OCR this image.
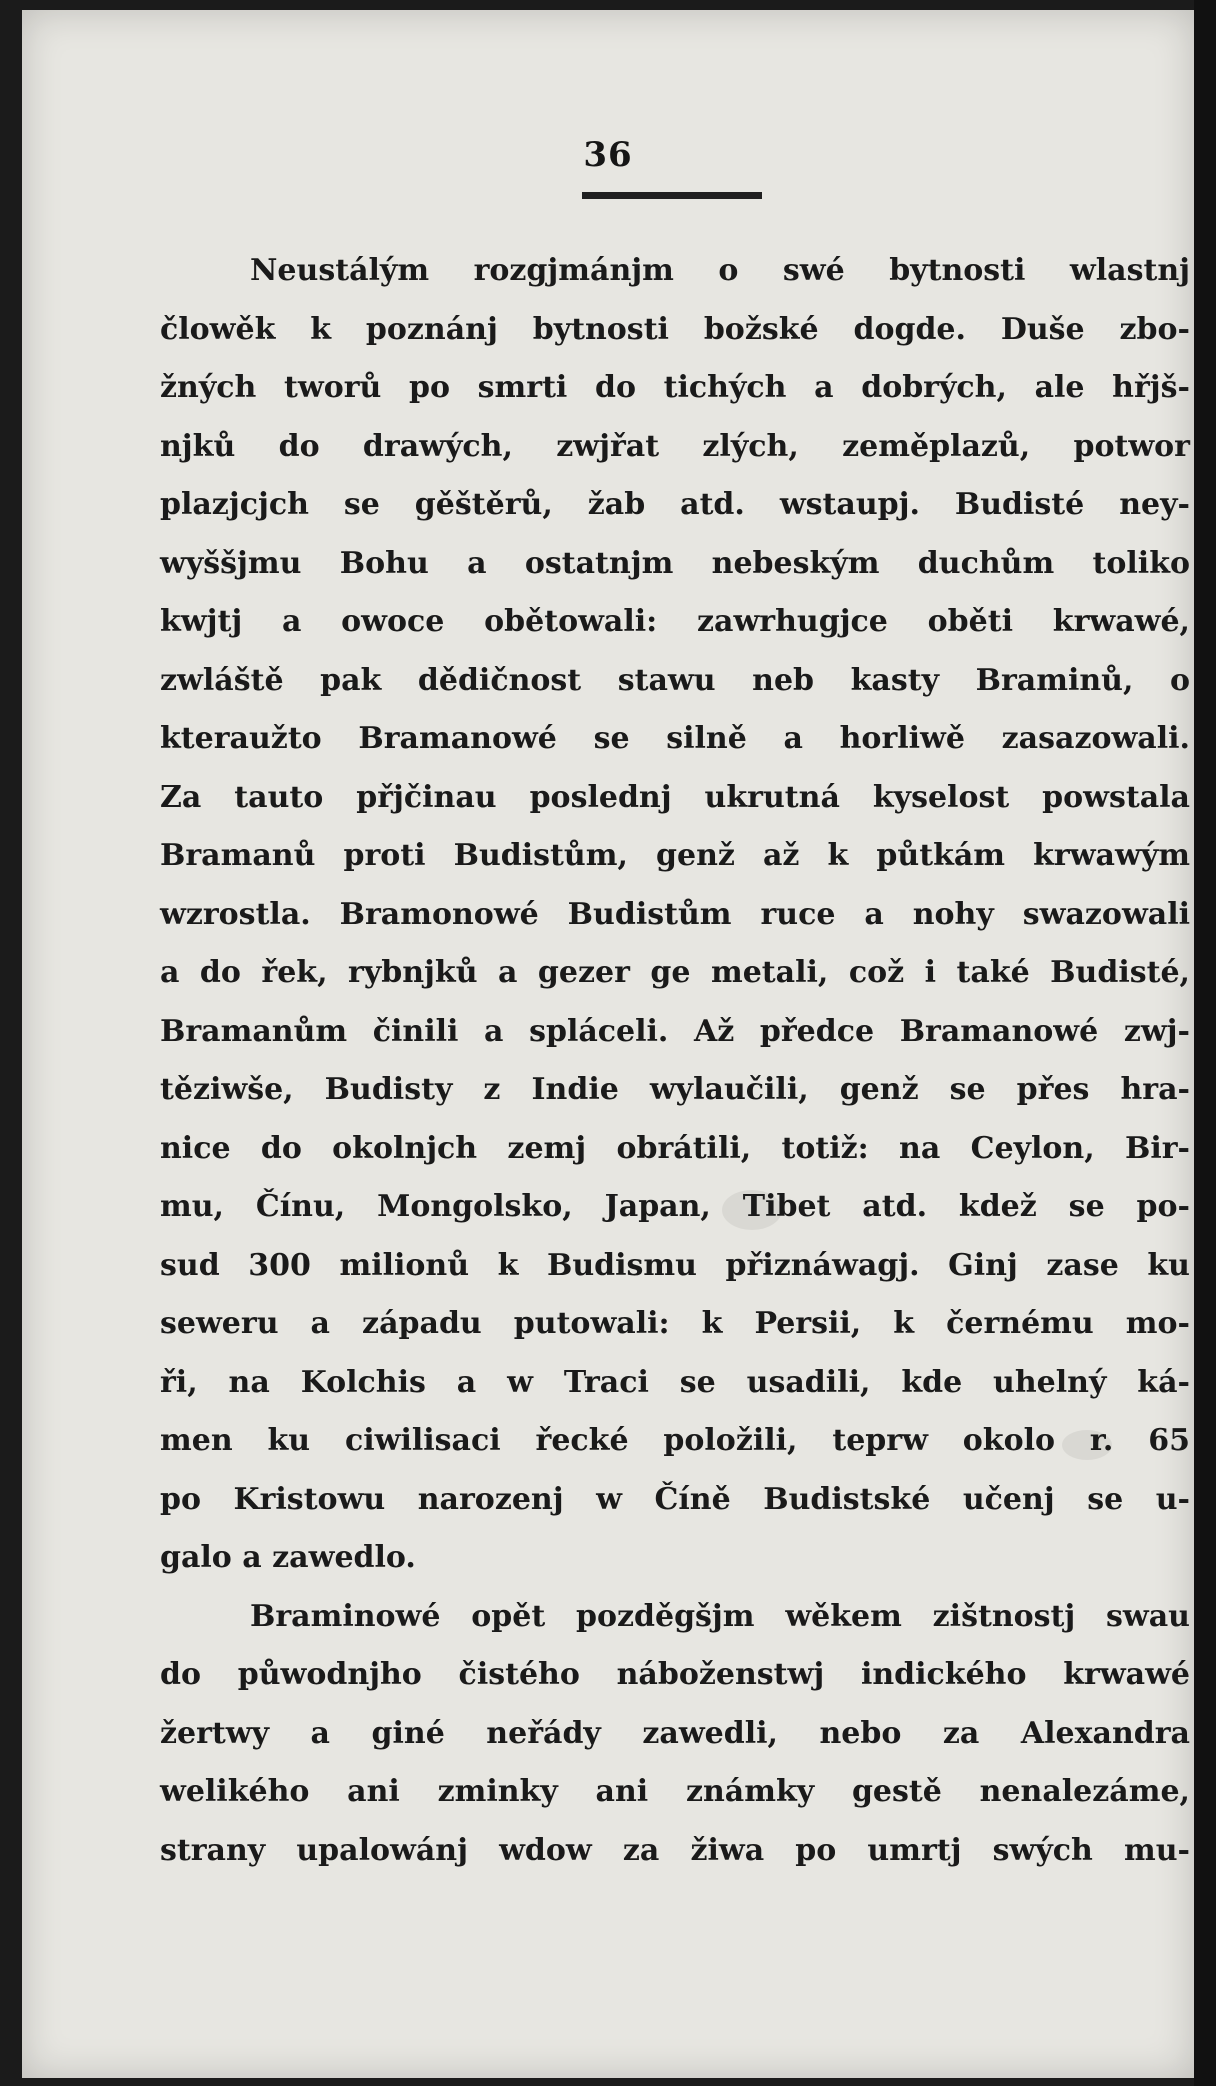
36
Neustálým rozgjmánjm o swé bytnosti wlastnj
člowěk k poznánj bytnosti božské dogde. Duše zbo-
žných tworů po smrti do tichých a dobrých, ale hřjš-
njků do drawých, zwjřat zlých, zeměplazů, potwor
plazjcjch se gěštěrů, žab atd. wstaupj. Budisté ney-
wyššjmu Bohu a ostatnjm nebeským duchům toliko
kwjtj a owoce obětowali: zawrhugjce oběti krwawé,
zwláště pak dědičnost stawu neb kasty Braminů, o
kteraužto Bramanowé se silně a horliwě zasazowali.
Za tauto přjčinau poslednj ukrutná kyselost powstala
Bramanů proti Budistům, genž až k půtkám krwawým
wzrostla. Bramonowé Budistům ruce a nohy swazowali
a do řek, rybnjků a gezer ge metali, což i také Budisté,
Bramanům činili a spláceli. Až předce Bramanowé zwj-
těziwše, Budisty z Indie wylaučili, genž se přes hra-
nice do okolnjch zemj obrátili, totiž: na Ceylon, Bir-
mu, Čínu, Mongolsko, Japan, Tibet atd. kdež se po-
sud 300 milionů k Budismu přiznáwagj. Ginj zase ku
seweru a západu putowali: k Persii, k černému mo-
ři, na Kolchis a w Traci se usadili, kde uhelný ká-
men ku ciwilisaci řecké položili, teprw okolo r. 65
po Kristowu narozenj w Číně Budistské učenj se u-
galo a zawedlo.
Braminowé opět pozděgšjm wěkem zištnostj swau
do půwodnjho čistého náboženstwj indického krwawé
žertwy a giné neřády zawedli, nebo za Alexandra
welikého ani zminky ani známky gestě nenalezáme,
strany upalowánj wdow za žiwa po umrtj swých mu-
